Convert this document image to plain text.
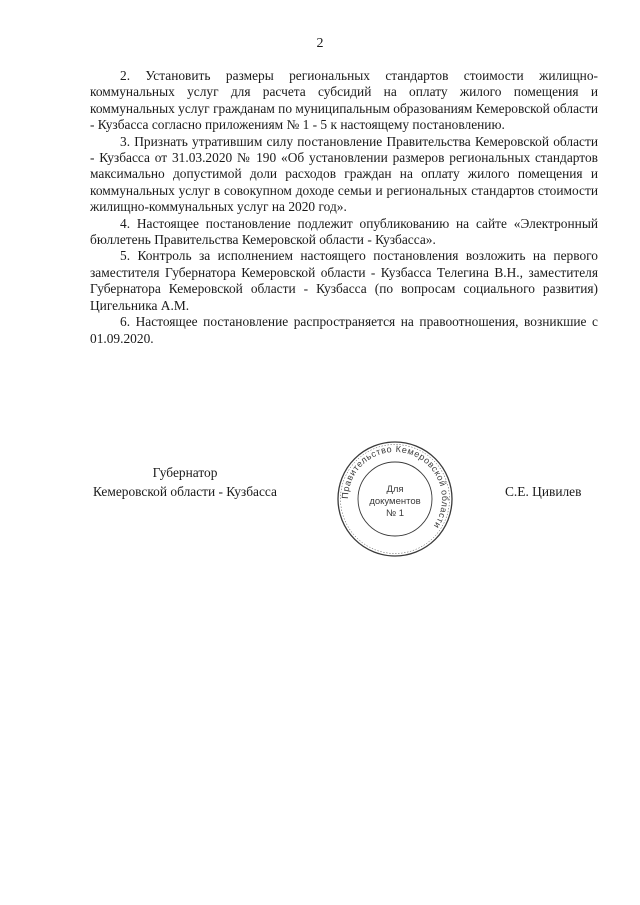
2

2. Установить размеры региональных стандартов стоимости жилищно-коммунальных услуг для расчета субсидий на оплату жилого помещения и коммунальных услуг гражданам по муниципальным образованиям Кемеровской области - Кузбасса согласно приложениям № 1 - 5 к настоящему постановлению.

3. Признать утратившим силу постановление Правительства Кемеровской области - Кузбасса от 31.03.2020 № 190 «Об установлении размеров региональных стандартов максимально допустимой доли расходов граждан на оплату жилого помещения и коммунальных услуг в совокупном доходе семьи и региональных стандартов стоимости жилищно-коммунальных услуг на 2020 год».

4. Настоящее постановление подлежит опубликованию на сайте «Электронный бюллетень Правительства Кемеровской области - Кузбасса».

5. Контроль за исполнением настоящего постановления возложить на первого заместителя Губернатора Кемеровской области - Кузбасса Телегина В.Н., заместителя Губернатора Кемеровской области - Кузбасса (по вопросам социального развития) Цигельника А.М.

6. Настоящее постановление распространяется на правоотношения, возникшие с 01.09.2020.

Губернатор
Кемеровской области - Кузбасса	С.Е. Цивилев
Правительство Кемеровской области
Для
документов
№ 1
